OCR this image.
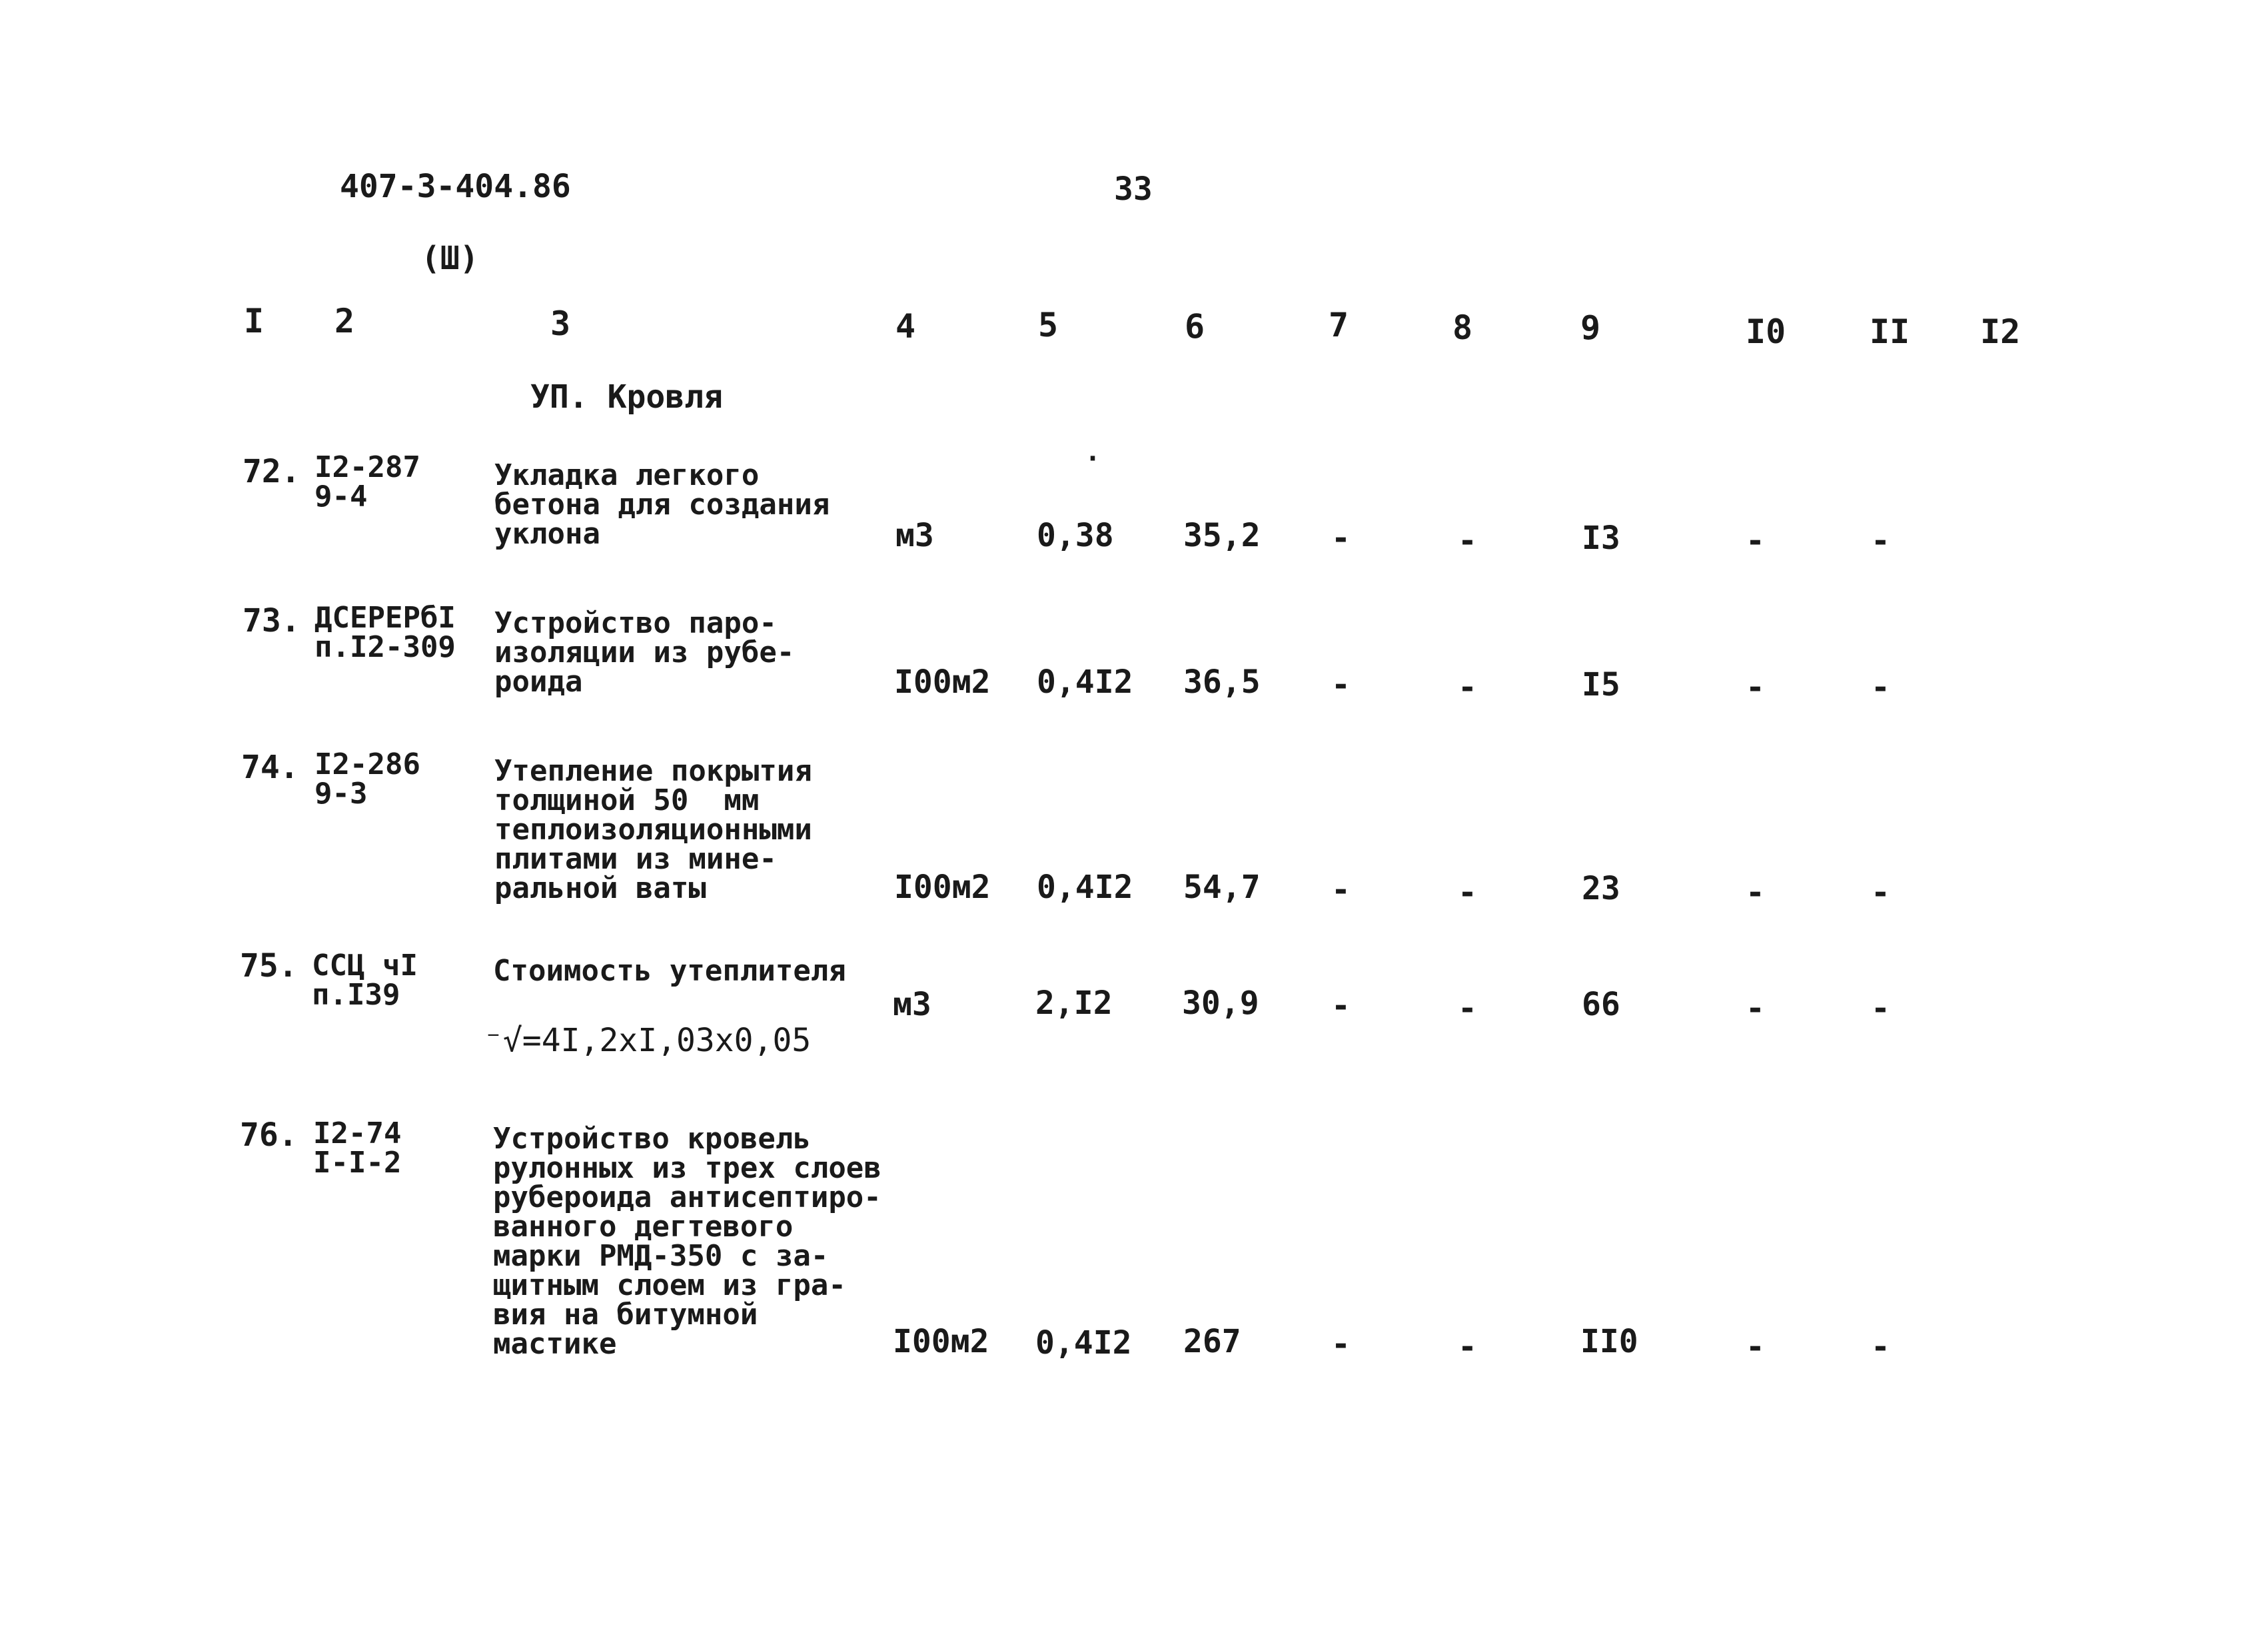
407-3-404.86	33
(Ш)
I 2	3	4	5	6	7	8	9	I0	II I2
УП. Кровля
72. I2-287
9-4
Укладка легкого
бетона для создания
уклона
·
м3	0,38 35,2 -	-	I3	-	-
73. ДСЕРЕРбI
п.I2-309
Устройство паро-
изоляции из рубе-
роида	I00м2 0,4I2 36,5 -	-	I5	-	-
74. I2-286
9-3
Утепление покрытия
толщиной 50  мм
теплоизоляционными
плитами из мине-
ральной ваты	I00м2 0,4I2 54,7 -	-	23	-	-
75. ССЦ чI
п.I39
Стоимость утеплителя
⁻√=4I,2хI,03х0,05
м3	2,I2 30,9 -	-	66	-	-
76. I2-74
I-I-2
Устройство кровель
рулонных из трех слоев
рубероида антисептиро-
ванного дегтевого
марки РМД-350 с за-
щитным слоем из гра-
вия на битумной
мастике	I00м2 0,4I2 267	-	-	II0	-	-
